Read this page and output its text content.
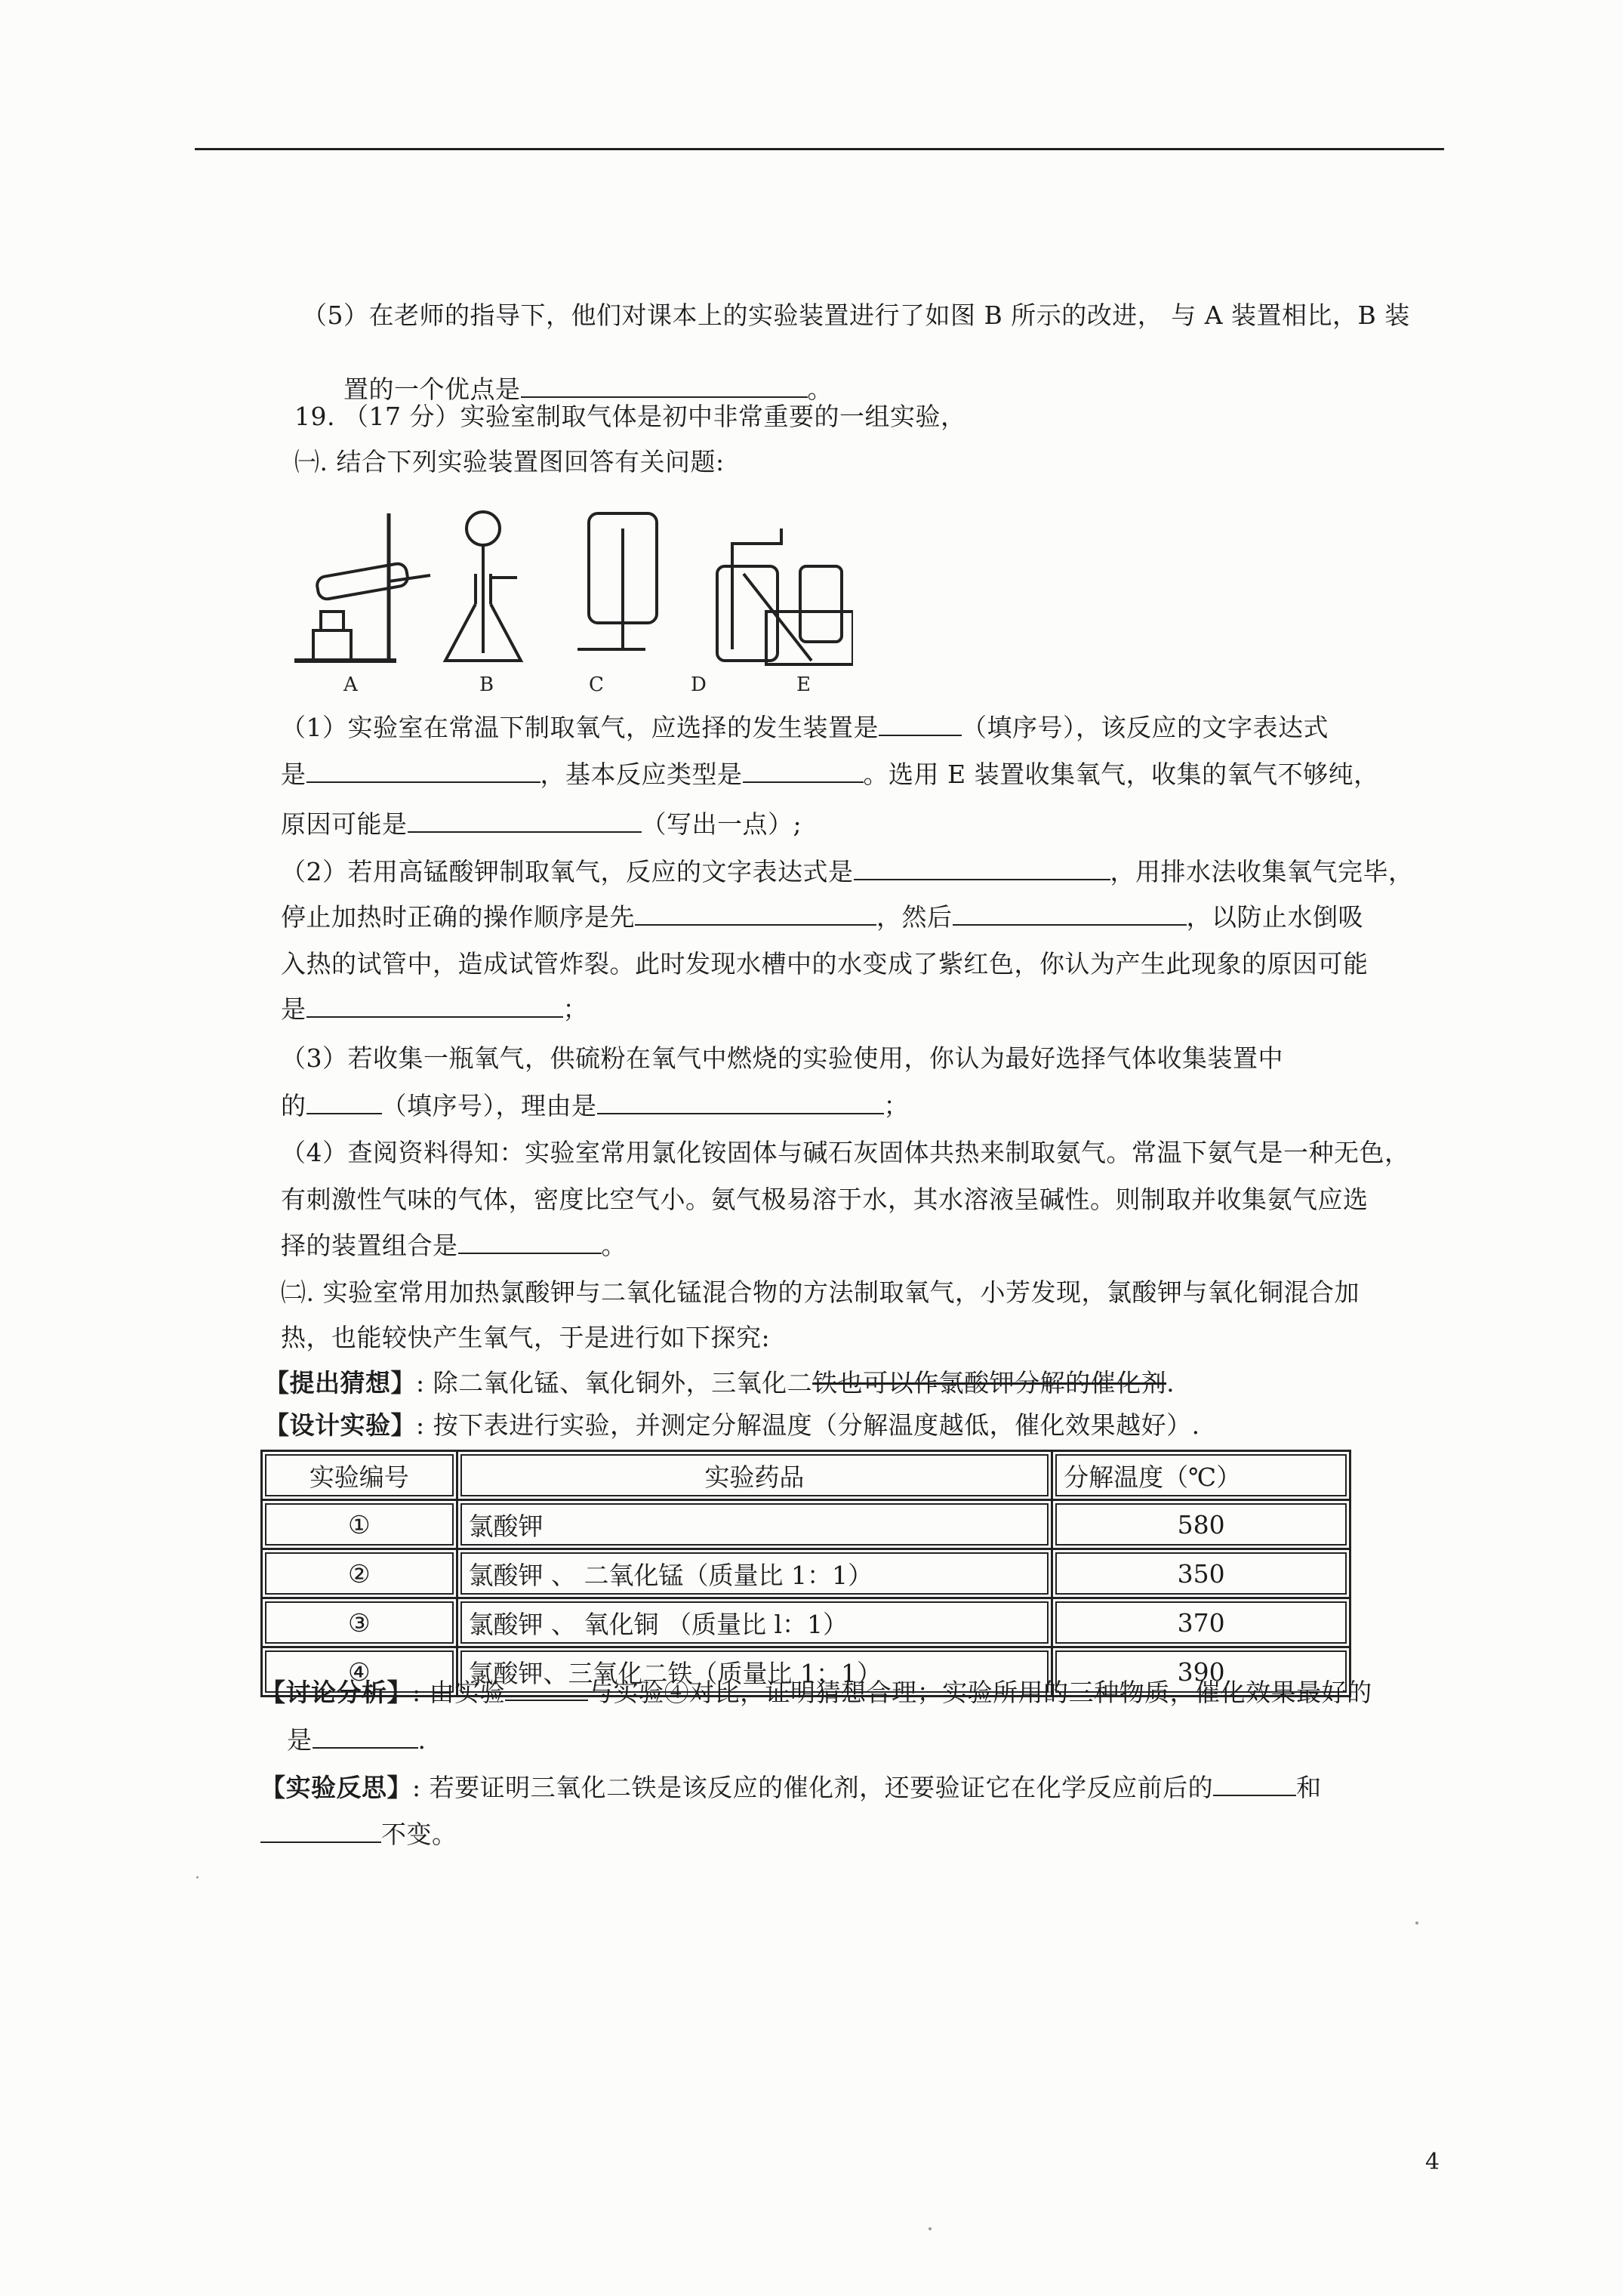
（5）在老师的指导下，他们对课本上的实验装置进行了如图 B 所示的改进， 与 A 装置相比，B 装
置的一个优点是	。
19. （17 分）实验室制取气体是初中非常重要的一组实验，
㈠. 结合下列实验装置图回答有关问题:
A	B	C	D	E
（1）实验室在常温下制取氧气，应选择的发生装置是	（填序号），该反应的文字表达式
是	，基本反应类型是	。选用 E 装置收集氧气，收集的氧气不够纯，
原因可能是	（写出一点）;
（2）若用高锰酸钾制取氧气，反应的文字表达式是	，用排水法收集氧气完毕，
停止加热时正确的操作顺序是先	，然后	，以防止水倒吸
入热的试管中，造成试管炸裂。此时发现水槽中的水变成了紫红色，你认为产生此现象的原因可能
是	；
（3）若收集一瓶氧气，供硫粉在氧气中燃烧的实验使用，你认为最好选择气体收集装置中
的	（填序号），理由是	；
（4）查阅资料得知：实验室常用氯化铵固体与碱石灰固体共热来制取氨气。常温下氨气是一种无色，
有刺激性气味的气体，密度比空气小。氨气极易溶于水，其水溶液呈碱性。则制取并收集氨气应选
择的装置组合是	。
㈡. 实验室常用加热氯酸钾与二氧化锰混合物的方法制取氧气，小芳发现，氯酸钾与氧化铜混合加
热，也能较快产生氧气，于是进行如下探究:
【提出猜想】: 除二氧化锰、氧化铜外，三氧化二铁也可以作氯酸钾分解的催化剂.
【设计实验】: 按下表进行实验，并测定分解温度（分解温度越低，催化效果越好）.
实验编号	实验药品	分解温度（℃）
①	氯酸钾	580
②	氯酸钾 、 二氧化锰（质量比 1：1）	350
③	氯酸钾 、 氧化铜 （质量比 l：1）	370
④	氯酸钾、三氧化二铁（质量比 1：1）	390
【讨论分析】: 由实验	与实验④对比，证明猜想合理；实验所用的三种物质，催化效果最好的
是	.
【实验反思】: 若要证明三氧化二铁是该反应的催化剂，还要验证它在化学反应前后的	和
不变。
4
